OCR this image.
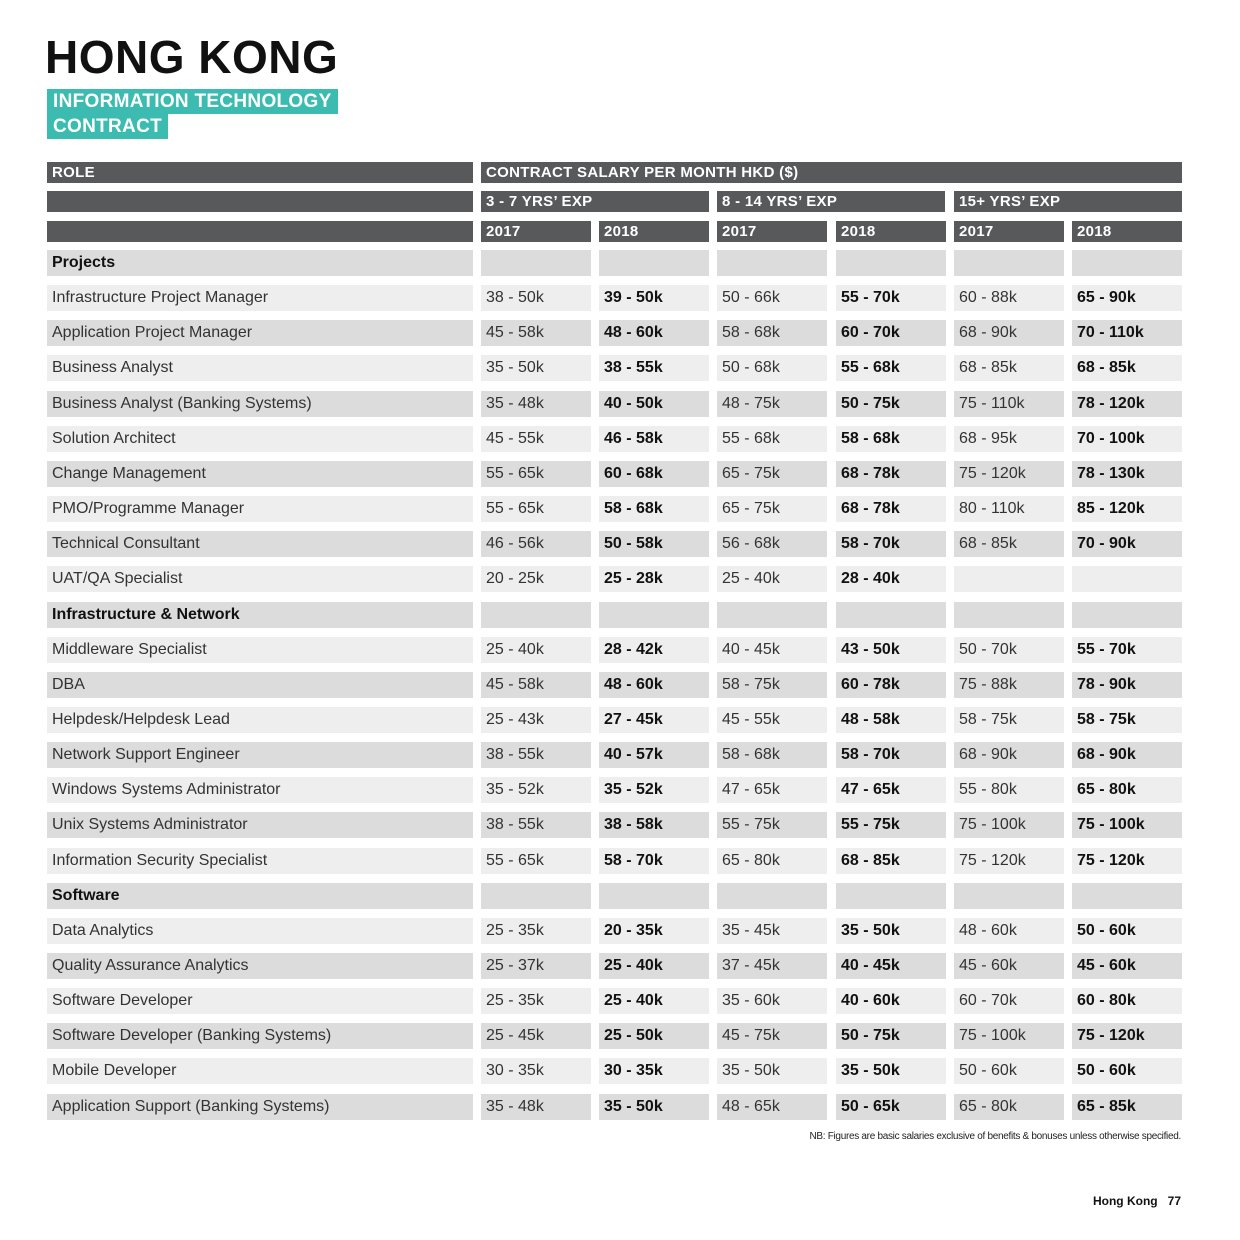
HONG KONG
INFORMATION TECHNOLOGY
CONTRACT
ROLE	CONTRACT SALARY PER MONTH HKD ($)
3 - 7 YRS’ EXP	8 - 14 YRS’ EXP	15+ YRS’ EXP
2017	2018	2017	2018	2017	2018
Projects
Infrastructure Project Manager	38 - 50k	39 - 50k	50 - 66k	55 - 70k	60 - 88k	65 - 90k
Application Project Manager	45 - 58k	48 - 60k	58 - 68k	60 - 70k	68 - 90k	70 - 110k
Business Analyst	35 - 50k	38 - 55k	50 - 68k	55 - 68k	68 - 85k	68 - 85k
Business Analyst (Banking Systems)	35 - 48k	40 - 50k	48 - 75k	50 - 75k	75 - 110k	78 - 120k
Solution Architect	45 - 55k	46 - 58k	55 - 68k	58 - 68k	68 - 95k	70 - 100k
Change Management	55 - 65k	60 - 68k	65 - 75k	68 - 78k	75 - 120k	78 - 130k
PMO/Programme Manager	55 - 65k	58 - 68k	65 - 75k	68 - 78k	80 - 110k	85 - 120k
Technical Consultant	46 - 56k	50 - 58k	56 - 68k	58 - 70k	68 - 85k	70 - 90k
UAT/QA Specialist	20 - 25k	25 - 28k	25 - 40k	28 - 40k
Infrastructure & Network
Middleware Specialist	25 - 40k	28 - 42k	40 - 45k	43 - 50k	50 - 70k	55 - 70k
DBA	45 - 58k	48 - 60k	58 - 75k	60 - 78k	75 - 88k	78 - 90k
Helpdesk/Helpdesk Lead	25 - 43k	27 - 45k	45 - 55k	48 - 58k	58 - 75k	58 - 75k
Network Support Engineer	38 - 55k	40 - 57k	58 - 68k	58 - 70k	68 - 90k	68 - 90k
Windows Systems Administrator	35 - 52k	35 - 52k	47 - 65k	47 - 65k	55 - 80k	65 - 80k
Unix Systems Administrator	38 - 55k	38 - 58k	55 - 75k	55 - 75k	75 - 100k	75 - 100k
Information Security Specialist	55 - 65k	58 - 70k	65 - 80k	68 - 85k	75 - 120k	75 - 120k
Software
Data Analytics	25 - 35k	20 - 35k	35 - 45k	35 - 50k	48 - 60k	50 - 60k
Quality Assurance Analytics	25 - 37k	25 - 40k	37 - 45k	40 - 45k	45 - 60k	45 - 60k
Software Developer	25 - 35k	25 - 40k	35 - 60k	40 - 60k	60 - 70k	60 - 80k
Software Developer (Banking Systems)	25 - 45k	25 - 50k	45 - 75k	50 - 75k	75 - 100k	75 - 120k
Mobile Developer	30 - 35k	30 - 35k	35 - 50k	35 - 50k	50 - 60k	50 - 60k
Application Support (Banking Systems)	35 - 48k	35 - 50k	48 - 65k	50 - 65k	65 - 80k	65 - 85k
NB: Figures are basic salaries exclusive of benefits & bonuses unless otherwise specified.
Hong Kong 77
